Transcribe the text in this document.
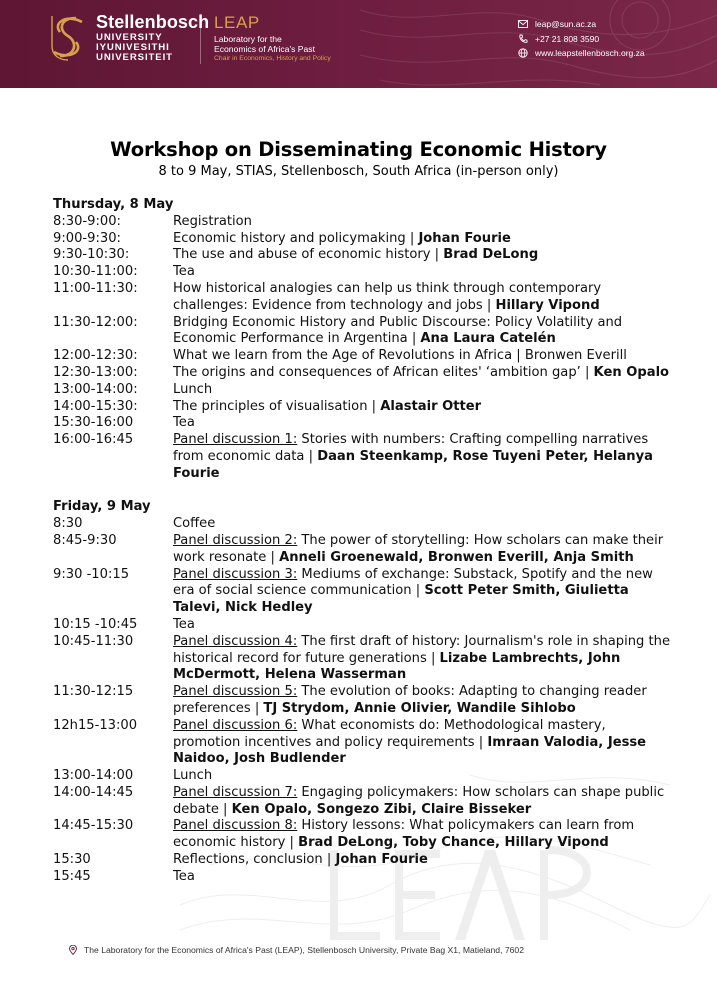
Stellenbosch
UNIVERSITY
IYUNIVESITHI
UNIVERSITEIT
LEAP
Laboratory for the
Economics of Africa's Past
Chair in Economics, History and Policy
leap@sun.ac.za
+27 21 808 3590
www.leapstellenbosch.org.za
Workshop on Disseminating Economic History
8 to 9 May, STIAS, Stellenbosch, South Africa (in-person only)
Thursday, 8 May
8:30-9:00:	Registration
9:00-9:30:	Economic history and policymaking | Johan Fourie
9:30-10:30:	The use and abuse of economic history | Brad DeLong
10:30-11:00:	Tea
11:00-11:30:	How historical analogies can help us think through contemporary challenges: Evidence from technology and jobs | Hillary Vipond
11:30-12:00:	Bridging Economic History and Public Discourse: Policy Volatility and Economic Performance in Argentina | Ana Laura Catelén
12:00-12:30:	What we learn from the Age of Revolutions in Africa | Bronwen Everill
12:30-13:00:	The origins and consequences of African elites' ‘ambition gap’ | Ken Opalo
13:00-14:00:	Lunch
14:00-15:30:	The principles of visualisation | Alastair Otter
15:30-16:00	Tea
16:00-16:45	Panel discussion 1: Stories with numbers: Crafting compelling narratives from economic data | Daan Steenkamp, Rose Tuyeni Peter, Helanya Fourie
Friday, 9 May
8:30	Coffee
8:45-9:30	Panel discussion 2: The power of storytelling: How scholars can make their work resonate | Anneli Groenewald, Bronwen Everill, Anja Smith
9:30 -10:15	Panel discussion 3: Mediums of exchange: Substack, Spotify and the new era of social science communication | Scott Peter Smith, Giulietta Talevi, Nick Hedley
10:15 -10:45	Tea
10:45-11:30	Panel discussion 4: The first draft of history: Journalism's role in shaping the historical record for future generations | Lizabe Lambrechts, John McDermott, Helena Wasserman
11:30-12:15	Panel discussion 5: The evolution of books: Adapting to changing reader preferences | TJ Strydom, Annie Olivier, Wandile Sihlobo
12h15-13:00	Panel discussion 6: What economists do: Methodological mastery, promotion incentives and policy requirements | Imraan Valodia, Jesse Naidoo, Josh Budlender
13:00-14:00	Lunch
14:00-14:45	Panel discussion 7: Engaging policymakers: How scholars can shape public debate | Ken Opalo, Songezo Zibi, Claire Bisseker
14:45-15:30	Panel discussion 8: History lessons: What policymakers can learn from economic history | Brad DeLong, Toby Chance, Hillary Vipond
15:30	Reflections, conclusion | Johan Fourie
15:45	Tea
The Laboratory for the Economics of Africa's Past (LEAP), Stellenbosch University, Private Bag X1, Matieland, 7602
